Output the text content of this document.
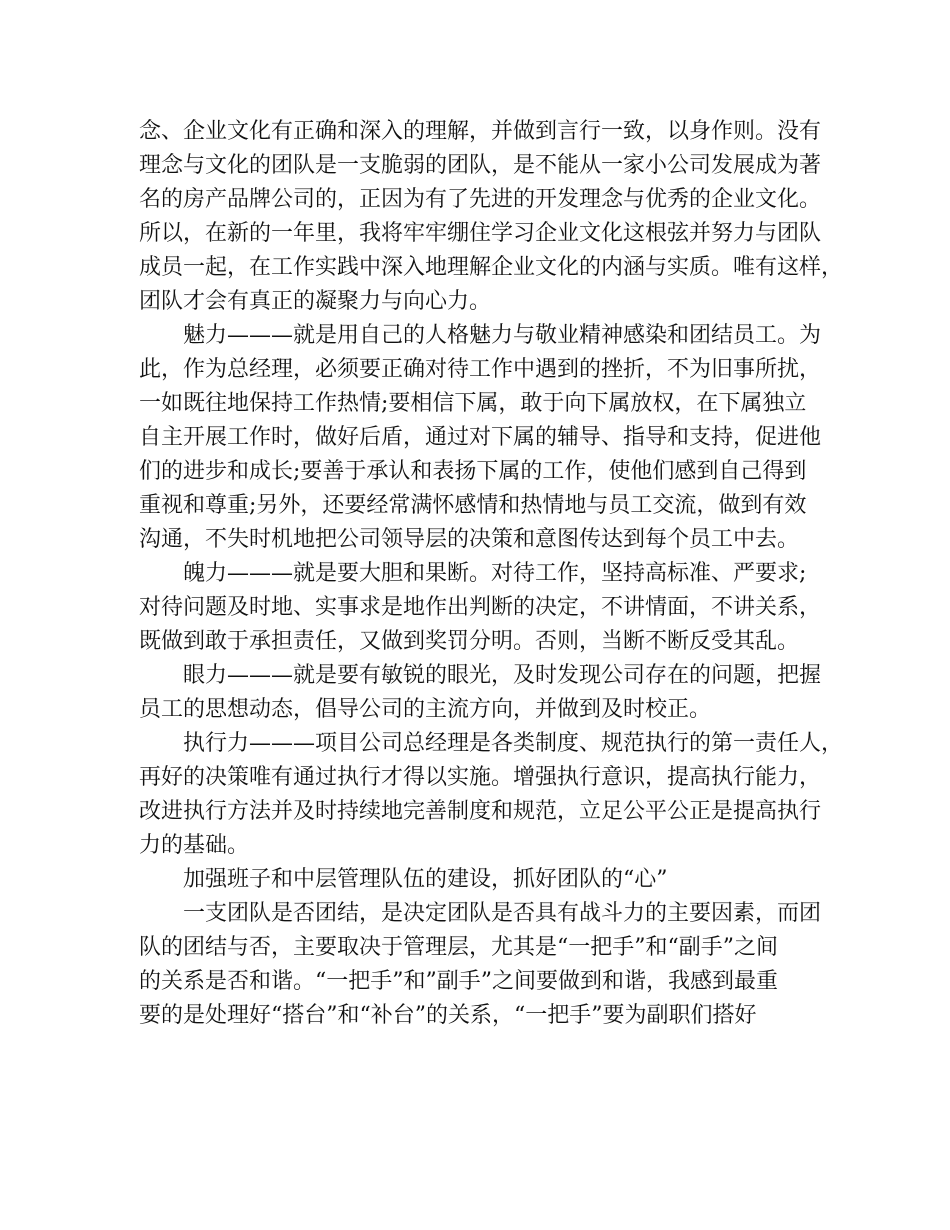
念、企业文化有正确和深入的理解，并做到言行一致，以身作则。没有
理念与文化的团队是一支脆弱的团队，是不能从一家小公司发展成为著
名的房产品牌公司的，正因为有了先进的开发理念与优秀的企业文化。
所以，在新的一年里，我将牢牢绷住学习企业文化这根弦并努力与团队
成员一起，在工作实践中深入地理解企业文化的内涵与实质。唯有这样，
团队才会有真正的凝聚力与向心力。
魅力———就是用自己的人格魅力与敬业精神感染和团结员工。为
此，作为总经理，必须要正确对待工作中遇到的挫折，不为旧事所扰，
一如既往地保持工作热情;要相信下属，敢于向下属放权，在下属独立
自主开展工作时，做好后盾，通过对下属的辅导、指导和支持，促进他
们的进步和成长;要善于承认和表扬下属的工作，使他们感到自己得到
重视和尊重;另外，还要经常满怀感情和热情地与员工交流，做到有效
沟通，不失时机地把公司领导层的决策和意图传达到每个员工中去。
魄力———就是要大胆和果断。对待工作，坚持高标准、严要求;
对待问题及时地、实事求是地作出判断的决定，不讲情面，不讲关系，
既做到敢于承担责任，又做到奖罚分明。否则，当断不断反受其乱。
眼力———就是要有敏锐的眼光，及时发现公司存在的问题，把握
员工的思想动态，倡导公司的主流方向，并做到及时校正。
执行力———项目公司总经理是各类制度、规范执行的第一责任人，
再好的决策唯有通过执行才得以实施。增强执行意识，提高执行能力，
改进执行方法并及时持续地完善制度和规范，立足公平公正是提高执行
力的基础。
加强班子和中层管理队伍的建设，抓好团队的“心”
一支团队是否团结，是决定团队是否具有战斗力的主要因素，而团
队的团结与否，主要取决于管理层，尤其是“一把手”和“副手”之间
的关系是否和谐。“一把手”和”副手”之间要做到和谐，我感到最重
要的是处理好“搭台”和“补台”的关系，“一把手”要为副职们搭好
